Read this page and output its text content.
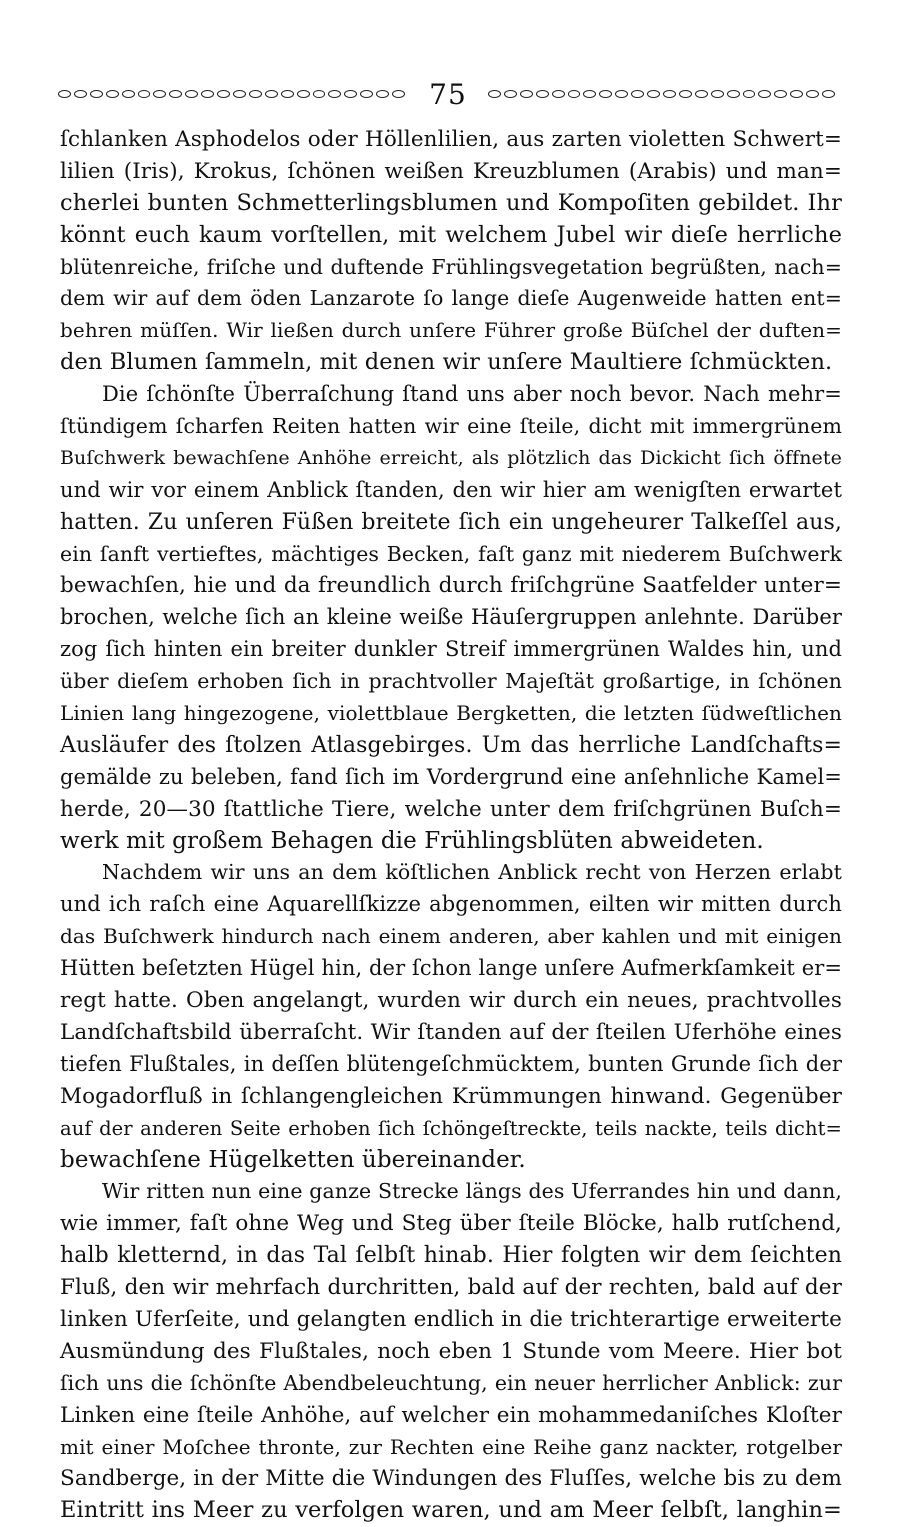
75
ſchlanken Asphodelos oder Höllenlilien, aus zarten violetten Schwert=
lilien (Iris), Krokus, ſchönen weißen Kreuzblumen (Arabis) und man=
cherlei bunten Schmetterlingsblumen und Kompoſiten gebildet. Ihr
könnt euch kaum vorſtellen, mit welchem Jubel wir dieſe herrliche
blütenreiche, friſche und duftende Frühlingsvegetation begrüßten, nach=
dem wir auf dem öden Lanzarote ſo lange dieſe Augenweide hatten ent=
behren müſſen. Wir ließen durch unſere Führer große Büſchel der duften=
den Blumen ſammeln, mit denen wir unſere Maultiere ſchmückten.
Die ſchönſte Überraſchung ſtand uns aber noch bevor. Nach mehr=
ſtündigem ſcharfen Reiten hatten wir eine ſteile, dicht mit immergrünem
Buſchwerk bewachſene Anhöhe erreicht, als plötzlich das Dickicht ſich öffnete
und wir vor einem Anblick ſtanden, den wir hier am wenigſten erwartet
hatten. Zu unſeren Füßen breitete ſich ein ungeheurer Talkeſſel aus,
ein ſanft vertieftes, mächtiges Becken, faſt ganz mit niederem Buſchwerk
bewachſen, hie und da freundlich durch friſchgrüne Saatfelder unter=
brochen, welche ſich an kleine weiße Häuſergruppen anlehnte. Darüber
zog ſich hinten ein breiter dunkler Streif immergrünen Waldes hin, und
über dieſem erhoben ſich in prachtvoller Majeſtät großartige, in ſchönen
Linien lang hingezogene, violettblaue Bergketten, die letzten ſüdweſtlichen
Ausläufer des ſtolzen Atlasgebirges. Um das herrliche Landſchafts=
gemälde zu beleben, fand ſich im Vordergrund eine anſehnliche Kamel=
herde, 20—30 ſtattliche Tiere, welche unter dem friſchgrünen Buſch=
werk mit großem Behagen die Frühlingsblüten abweideten.
Nachdem wir uns an dem köſtlichen Anblick recht von Herzen erlabt
und ich raſch eine Aquarellſkizze abgenommen, eilten wir mitten durch
das Buſchwerk hindurch nach einem anderen, aber kahlen und mit einigen
Hütten beſetzten Hügel hin, der ſchon lange unſere Aufmerkſamkeit er=
regt hatte. Oben angelangt, wurden wir durch ein neues, prachtvolles
Landſchaftsbild überraſcht. Wir ſtanden auf der ſteilen Uferhöhe eines
tiefen Flußtales, in deſſen blütengeſchmücktem, bunten Grunde ſich der
Mogadorfluß in ſchlangengleichen Krümmungen hinwand. Gegenüber
auf der anderen Seite erhoben ſich ſchöngeſtreckte, teils nackte, teils dicht=
bewachſene Hügelketten übereinander.
Wir ritten nun eine ganze Strecke längs des Uferrandes hin und dann,
wie immer, faſt ohne Weg und Steg über ſteile Blöcke, halb rutſchend,
halb kletternd, in das Tal ſelbſt hinab. Hier folgten wir dem ſeichten
Fluß, den wir mehrfach durchritten, bald auf der rechten, bald auf der
linken Uferſeite, und gelangten endlich in die trichterartige erweiterte
Ausmündung des Flußtales, noch eben 1 Stunde vom Meere. Hier bot
ſich uns die ſchönſte Abendbeleuchtung, ein neuer herrlicher Anblick: zur
Linken eine ſteile Anhöhe, auf welcher ein mohammedaniſches Kloſter
mit einer Moſchee thronte, zur Rechten eine Reihe ganz nackter, rotgelber
Sandberge, in der Mitte die Windungen des Fluſſes, welche bis zu dem
Eintritt ins Meer zu verfolgen waren, und am Meer ſelbſt, langhin=
